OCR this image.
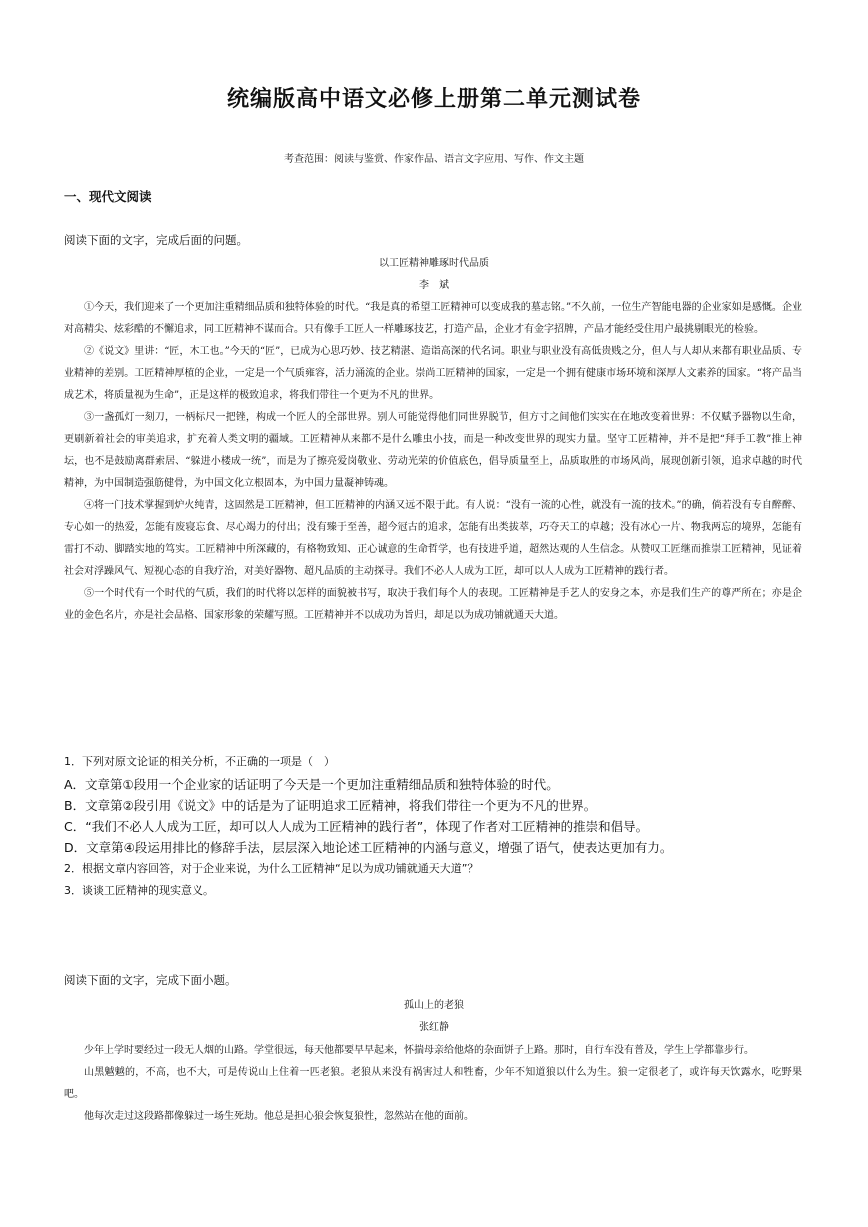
统编版高中语文必修上册第二单元测试卷
考查范围：阅读与鉴赏、作家作品、语言文字应用、写作、作文主题
一、现代文阅读
阅读下面的文字，完成后面的问题。
以工匠精神雕琢时代品质
李　斌

①今天，我们迎来了一个更加注重精细品质和独特体验的时代。“我是真的希望工匠精神可以变成我的墓志铭。”不久前，一位生产智能电器的企业家如是感慨。企业对高精尖、炫彩酷的不懈追求，同工匠精神不谋而合。只有像手工匠人一样雕琢技艺，打造产品，企业才有金字招牌，产品才能经受住用户最挑剔眼光的检验。

②《说文》里讲：“匠，木工也。”今天的“匠”，已成为心思巧妙、技艺精湛、造诣高深的代名词。职业与职业没有高低贵贱之分，但人与人却从来都有职业品质、专业精神的差别。工匠精神厚植的企业，一定是一个气质雍容，活力涌流的企业。崇尚工匠精神的国家，一定是一个拥有健康市场环境和深厚人文素养的国家。“将产品当成艺术，将质量视为生命”，正是这样的极致追求，将我们带往一个更为不凡的世界。

③一盏孤灯一刻刀，一柄标尺一把锉，构成一个匠人的全部世界。别人可能觉得他们同世界脱节，但方寸之间他们实实在在地改变着世界：不仅赋予器物以生命，更刷新着社会的审美追求，扩充着人类文明的疆域。工匠精神从来都不是什么雕虫小技，而是一种改变世界的现实力量。坚守工匠精神，并不是把“拜手工教”推上神坛，也不是鼓励离群索居、“躲进小楼成一统”，而是为了擦亮爱岗敬业、劳动光荣的价值底色，倡导质量至上，品质取胜的市场风尚，展现创新引领，追求卓越的时代精神，为中国制造强筋健骨，为中国文化立根固本，为中国力量凝神铸魂。

④将一门技术掌握到炉火纯青，这固然是工匠精神，但工匠精神的内涵又远不限于此。有人说：“没有一流的心性，就没有一流的技术。”的确，倘若没有专自醉醉、专心如一的热爱，怎能有废寝忘食、尽心竭力的付出；没有臻于至善，超今冠古的追求，怎能有出类拔萃，巧夺天工的卓越；没有冰心一片、物我两忘的境界，怎能有雷打不动、脚踏实地的笃实。工匠精神中所深藏的，有格物致知、正心诚意的生命哲学，也有技进乎道，超然达观的人生信念。从赞叹工匠继而推崇工匠精神，见证着社会对浮躁风气、短视心态的自我疗治，对美好器物、超凡品质的主动探寻。我们不必人人成为工匠，却可以人人成为工匠精神的践行者。

⑤一个时代有一个时代的气质，我们的时代将以怎样的面貌被书写，取决于我们每个人的表现。工匠精神是手艺人的安身之本，亦是我们生产的尊严所在；亦是企业的金色名片，亦是社会品格、国家形象的荣耀写照。工匠精神并不以成功为旨归，却足以为成功铺就通天大道。

1．下列对原文论证的相关分析，不正确的一项是（　）
A．文章第①段用一个企业家的话证明了今天是一个更加注重精细品质和独特体验的时代。
B．文章第②段引用《说文》中的话是为了证明追求工匠精神，将我们带往一个更为不凡的世界。
C．“我们不必人人成为工匠，却可以人人成为工匠精神的践行者”，体现了作者对工匠精神的推崇和倡导。
D．文章第④段运用排比的修辞手法，层层深入地论述工匠精神的内涵与意义，增强了语气，使表达更加有力。
2．根据文章内容回答，对于企业来说，为什么工匠精神“足以为成功铺就通天大道”？
3．谈谈工匠精神的现实意义。
阅读下面的文字，完成下面小题。
孤山上的老狼
张红静

少年上学时要经过一段无人烟的山路。学堂很远，每天他都要早早起来，怀揣母亲给他烙的杂面饼子上路。那时，自行车没有普及，学生上学都靠步行。

山黑魆魆的，不高，也不大，可是传说山上住着一匹老狼。老狼从来没有祸害过人和牲畜，少年不知道狼以什么为生。狼一定很老了，或许每天饮露水，吃野果吧。

他每次走过这段路都像躲过一场生死劫。他总是担心狼会恢复狼性，忽然站在他的面前。
